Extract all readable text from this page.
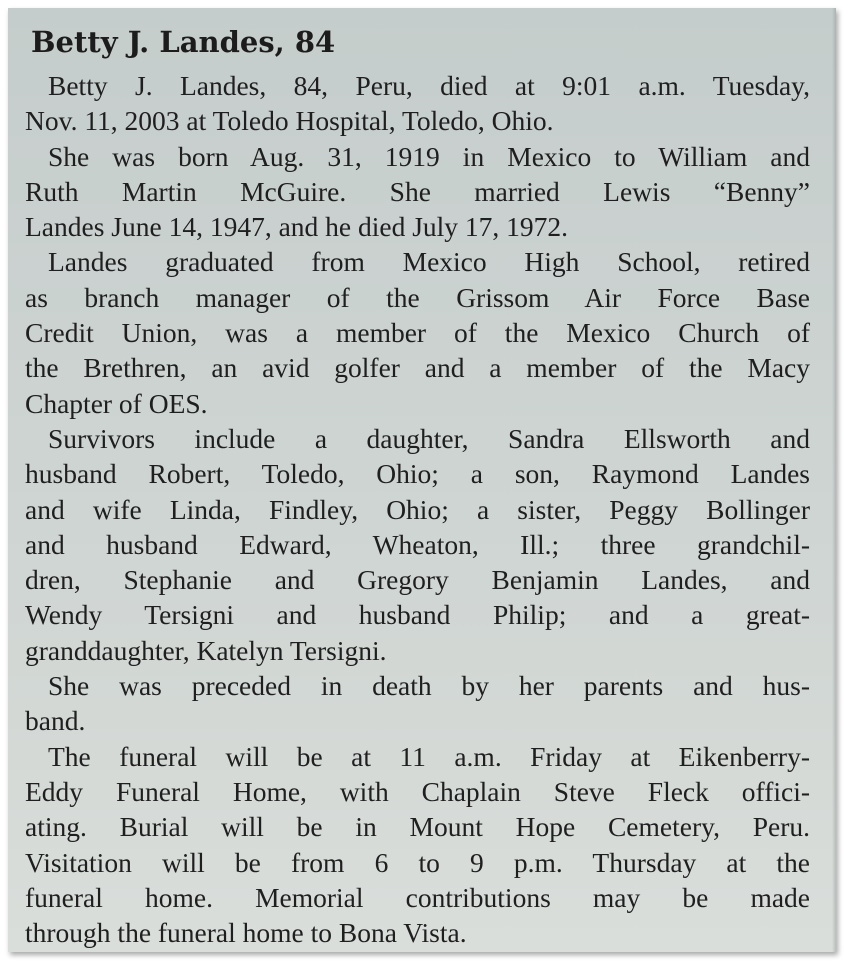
Betty J. Landes, 84

Betty J. Landes, 84, Peru, died at 9:01 a.m. Tuesday,
Nov. 11, 2003 at Toledo Hospital, Toledo, Ohio.

She was born Aug. 31, 1919 in Mexico to William and
Ruth Martin McGuire. She married Lewis “Benny”
Landes June 14, 1947, and he died July 17, 1972.

Landes graduated from Mexico High School, retired
as branch manager of the Grissom Air Force Base
Credit Union, was a member of the Mexico Church of
the Brethren, an avid golfer and a member of the Macy
Chapter of OES.

Survivors include a daughter, Sandra Ellsworth and
husband Robert, Toledo, Ohio; a son, Raymond Landes
and wife Linda, Findley, Ohio; a sister, Peggy Bollinger
and husband Edward, Wheaton, Ill.; three grandchil-
dren, Stephanie and Gregory Benjamin Landes, and
Wendy Tersigni and husband Philip; and a great-
granddaughter, Katelyn Tersigni.

She was preceded in death by her parents and hus-
band.

The funeral will be at 11 a.m. Friday at Eikenberry-
Eddy Funeral Home, with Chaplain Steve Fleck offici-
ating. Burial will be in Mount Hope Cemetery, Peru.
Visitation will be from 6 to 9 p.m. Thursday at the
funeral home. Memorial contributions may be made
through the funeral home to Bona Vista.
